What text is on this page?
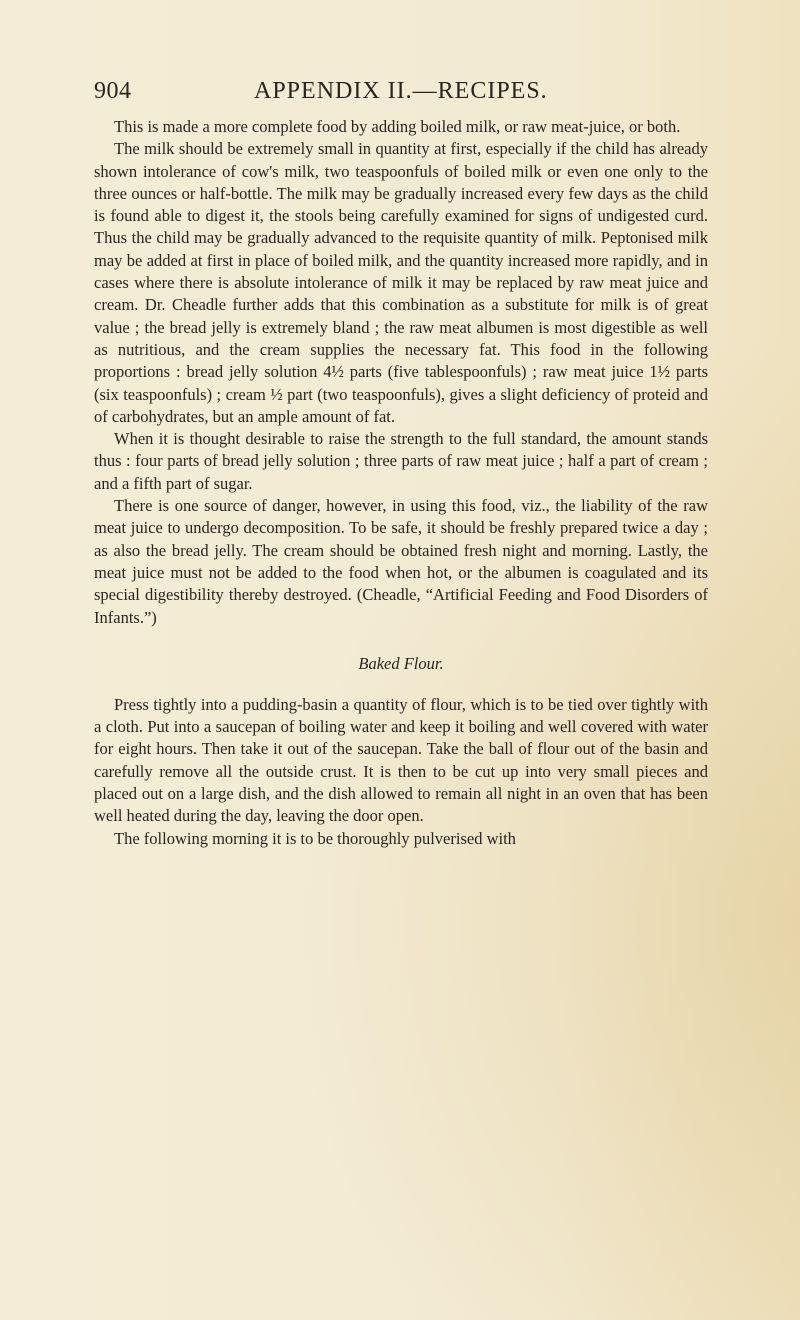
904	APPENDIX II.—RECIPES.

This is made a more complete food by adding boiled milk, or raw meat-juice, or both.

The milk should be extremely small in quantity at first, especially if the child has already shown intolerance of cow's milk, two teaspoonfuls of boiled milk or even one only to the three ounces or half-bottle. The milk may be gradually increased every few days as the child is found able to digest it, the stools being carefully examined for signs of undigested curd. Thus the child may be gradually advanced to the requisite quantity of milk. Peptonised milk may be added at first in place of boiled milk, and the quantity increased more rapidly, and in cases where there is absolute intolerance of milk it may be replaced by raw meat juice and cream. Dr. Cheadle further adds that this combination as a substitute for milk is of great value ; the bread jelly is extremely bland ; the raw meat albumen is most digestible as well as nutritious, and the cream supplies the necessary fat. This food in the following proportions : bread jelly solution 4½ parts (five tablespoonfuls) ; raw meat juice 1½ parts (six teaspoonfuls) ; cream ½ part (two teaspoonfuls), gives a slight deficiency of proteid and of carbohydrates, but an ample amount of fat.

When it is thought desirable to raise the strength to the full standard, the amount stands thus : four parts of bread jelly solution ; three parts of raw meat juice ; half a part of cream ; and a fifth part of sugar.

There is one source of danger, however, in using this food, viz., the liability of the raw meat juice to undergo decomposition. To be safe, it should be freshly prepared twice a day ; as also the bread jelly. The cream should be obtained fresh night and morning. Lastly, the meat juice must not be added to the food when hot, or the albumen is coagulated and its special digestibility thereby destroyed. (Cheadle, “Artificial Feeding and Food Disorders of Infants.”)

Baked Flour.

Press tightly into a pudding-basin a quantity of flour, which is to be tied over tightly with a cloth. Put into a saucepan of boiling water and keep it boiling and well covered with water for eight hours. Then take it out of the saucepan. Take the ball of flour out of the basin and carefully remove all the outside crust. It is then to be cut up into very small pieces and placed out on a large dish, and the dish allowed to remain all night in an oven that has been well heated during the day, leaving the door open.

The following morning it is to be thoroughly pulverised with
